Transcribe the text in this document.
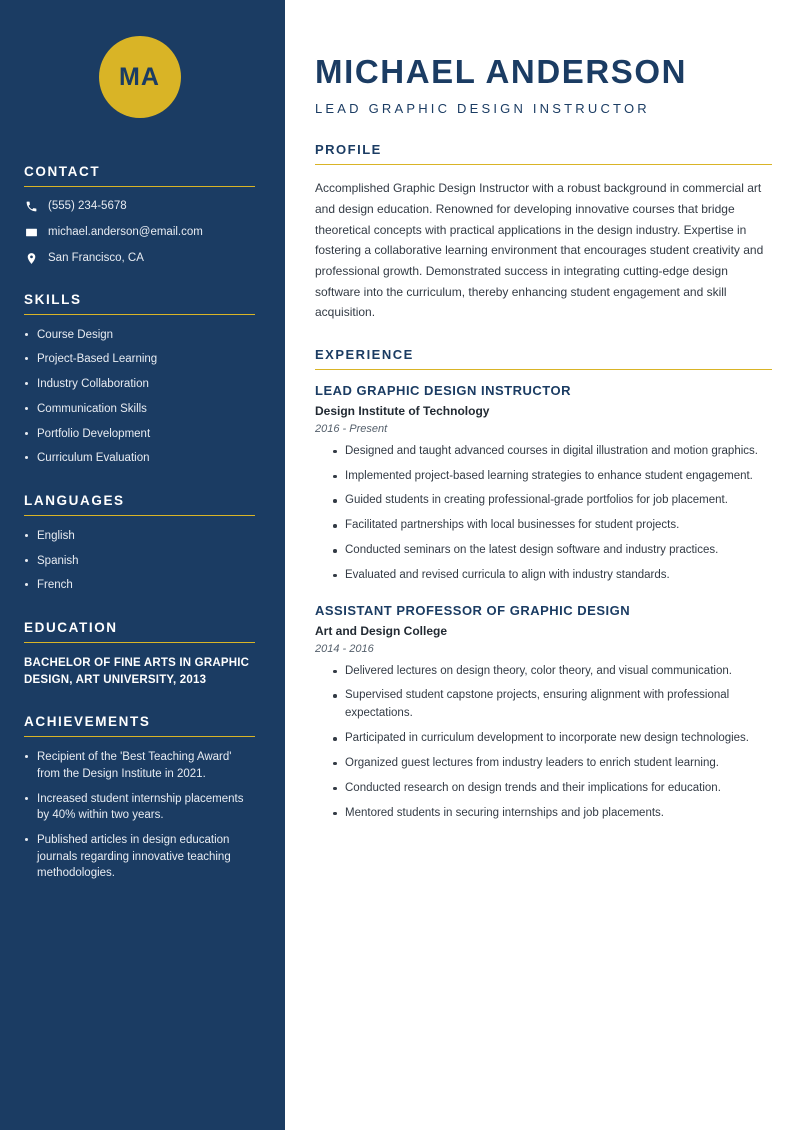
MA
CONTACT
(555) 234-5678
michael.anderson@email.com
San Francisco, CA
SKILLS
Course Design
Project-Based Learning
Industry Collaboration
Communication Skills
Portfolio Development
Curriculum Evaluation
LANGUAGES
English
Spanish
French
EDUCATION
BACHELOR OF FINE ARTS IN GRAPHIC DESIGN, ART UNIVERSITY, 2013
ACHIEVEMENTS
Recipient of the 'Best Teaching Award' from the Design Institute in 2021.
Increased student internship placements by 40% within two years.
Published articles in design education journals regarding innovative teaching methodologies.
MICHAEL ANDERSON
LEAD GRAPHIC DESIGN INSTRUCTOR
PROFILE

Accomplished Graphic Design Instructor with a robust background in commercial art and design education. Renowned for developing innovative courses that bridge theoretical concepts with practical applications in the design industry. Expertise in fostering a collaborative learning environment that encourages student creativity and professional growth. Demonstrated success in integrating cutting-edge design software into the curriculum, thereby enhancing student engagement and skill acquisition.

EXPERIENCE
LEAD GRAPHIC DESIGN INSTRUCTOR
Design Institute of Technology
2016 - Present
Designed and taught advanced courses in digital illustration and motion graphics.
Implemented project-based learning strategies to enhance student engagement.
Guided students in creating professional-grade portfolios for job placement.
Facilitated partnerships with local businesses for student projects.
Conducted seminars on the latest design software and industry practices.
Evaluated and revised curricula to align with industry standards.
ASSISTANT PROFESSOR OF GRAPHIC DESIGN
Art and Design College
2014 - 2016
Delivered lectures on design theory, color theory, and visual communication.
Supervised student capstone projects, ensuring alignment with professional expectations.
Participated in curriculum development to incorporate new design technologies.
Organized guest lectures from industry leaders to enrich student learning.
Conducted research on design trends and their implications for education.
Mentored students in securing internships and job placements.
